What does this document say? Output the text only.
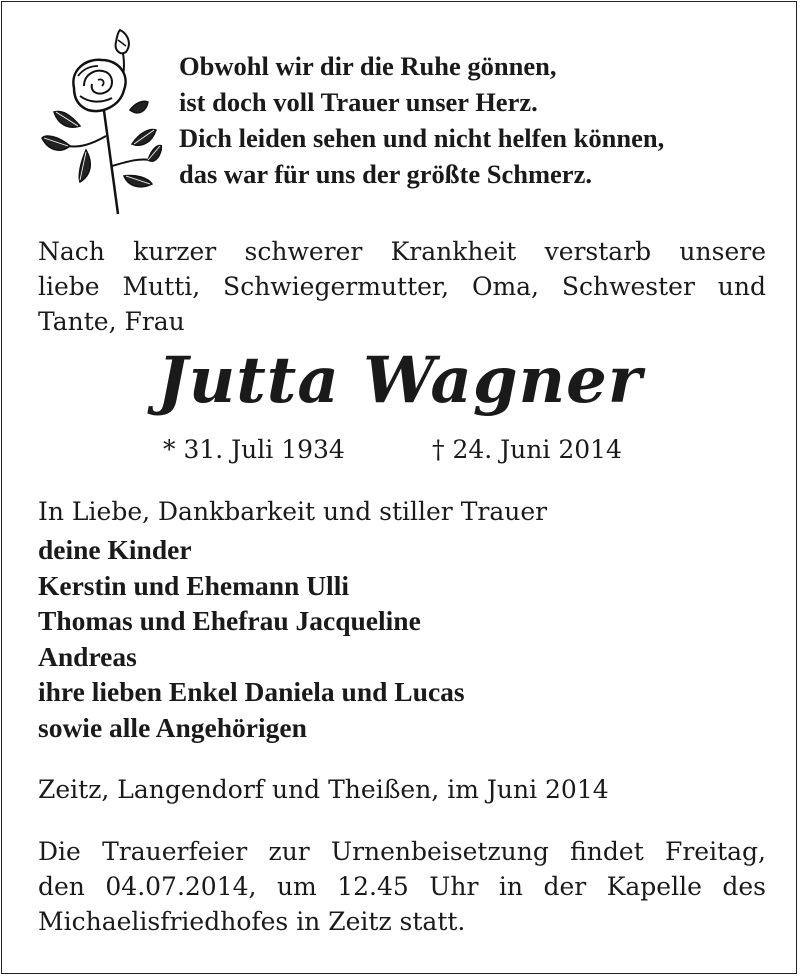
Obwohl wir dir die Ruhe gönnen,
ist doch voll Trauer unser Herz.
Dich leiden sehen und nicht helfen können,
das war für uns der größte Schmerz.
Nach kurzer schwerer Krankheit verstarb unsere
liebe Mutti, Schwiegermutter, Oma, Schwester und
Tante, Frau
Jutta Wagner
* 31. Juli 1934	† 24. Juni 2014
In Liebe, Dankbarkeit und stiller Trauer
deine Kinder
Kerstin und Ehemann Ulli
Thomas und Ehefrau Jacqueline
Andreas
ihre lieben Enkel Daniela und Lucas
sowie alle Angehörigen
Zeitz, Langendorf und Theißen, im Juni 2014
Die Trauerfeier zur Urnenbeisetzung findet Freitag,
den 04.07.2014, um 12.45 Uhr in der Kapelle des
Michaelisfriedhofes in Zeitz statt.
